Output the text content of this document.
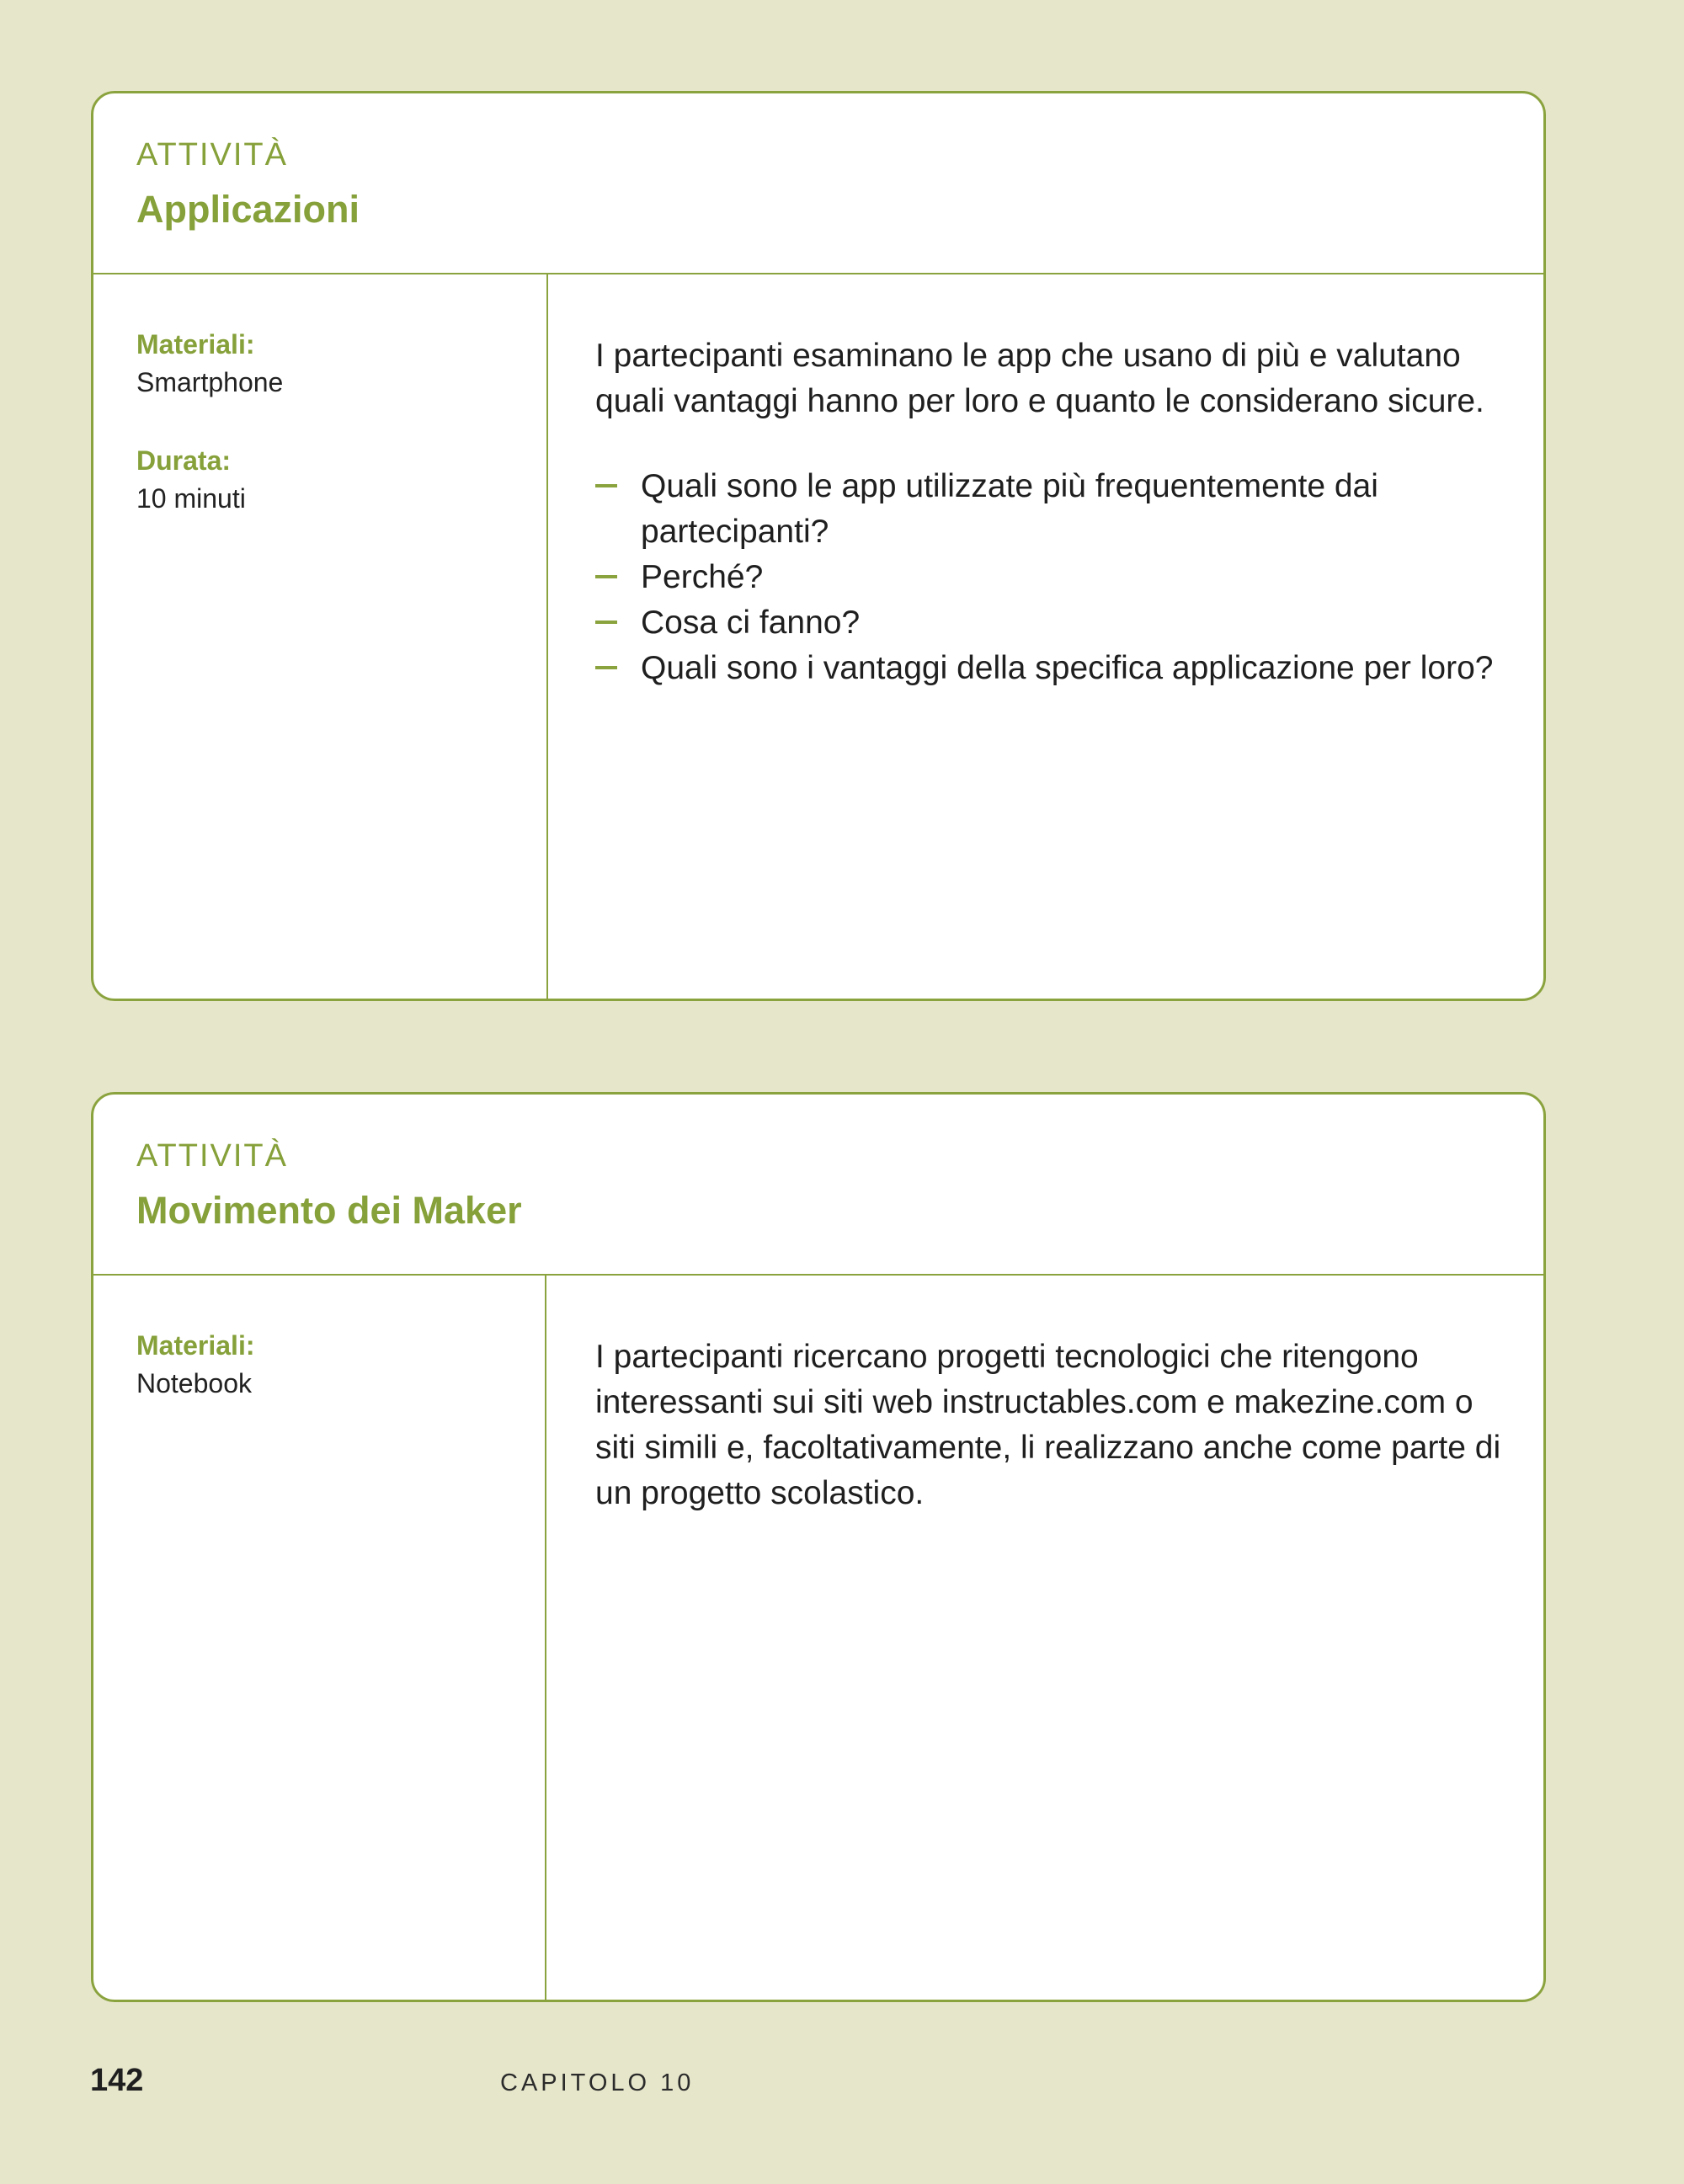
ATTIVITÀ
Applicazioni
Materiali:
Smartphone
Durata:
10 minuti
I partecipanti esaminano le app che usano di più e valutano quali vantaggi hanno per loro e quanto le considerano sicure.
Quali sono le app utilizzate più frequentemente dai partecipanti?
Perché?
Cosa ci fanno?
Quali sono i vantaggi della specifica applicazione per loro?
ATTIVITÀ
Movimento dei Maker
Materiali:
Notebook
I partecipanti ricercano progetti tecnologici che ritengono interessanti sui siti web instructables.com e makezine.com o siti simili e, facoltativamente, li realizzano anche come parte di un progetto scolastico.
142	CAPITOLO 10
